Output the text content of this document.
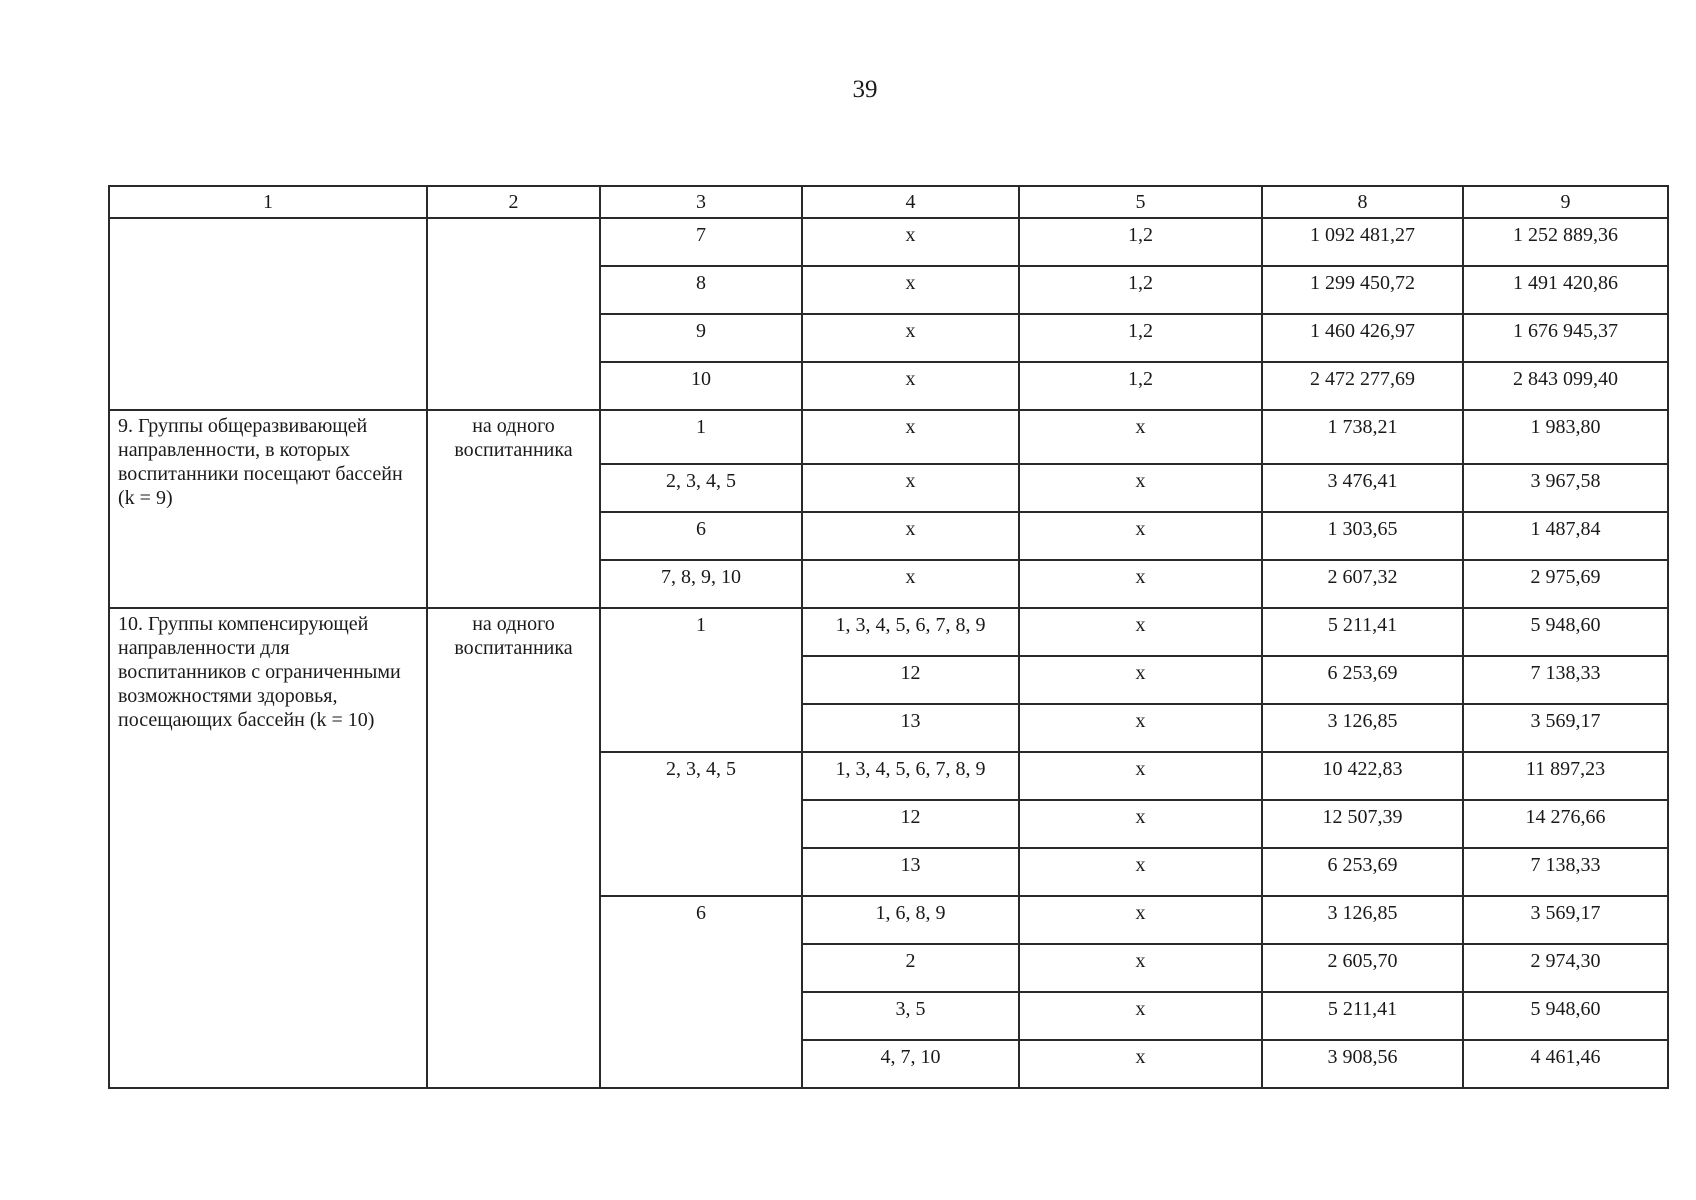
39
1	2	3	4	5	8	9

		7	x	1,2	1 092 481,27	1 252 889,36

		8	x	1,2	1 299 450,72	1 491 420,86

		9	x	1,2	1 460 426,97	1 676 945,37

		10	x	1,2	2 472 277,69	2 843 099,40

9. Группы общеразвивающей направленности, в которых воспитанники посещают бассейн (k = 9)	на одного воспитанника	1	x	x	1 738,21	1 983,80

		2, 3, 4, 5	x	x	3 476,41	3 967,58

		6	x	x	1 303,65	1 487,84

		7, 8, 9, 10	x	x	2 607,32	2 975,69

10. Группы компенсирующей направленности для воспитанников с ограниченными возможностями здоровья, посещающих бассейн (k = 10)	на одного воспитанника	1	1, 3, 4, 5, 6, 7, 8, 9	x	5 211,41	5 948,60

			12	x	6 253,69	7 138,33

			13	x	3 126,85	3 569,17

		2, 3, 4, 5	1, 3, 4, 5, 6, 7, 8, 9	x	10 422,83	11 897,23

			12	x	12 507,39	14 276,66

			13	x	6 253,69	7 138,33

		6	1, 6, 8, 9	x	3 126,85	3 569,17

			2	x	2 605,70	2 974,30

			3, 5	x	5 211,41	5 948,60

			4, 7, 10	x	3 908,56	4 461,46
